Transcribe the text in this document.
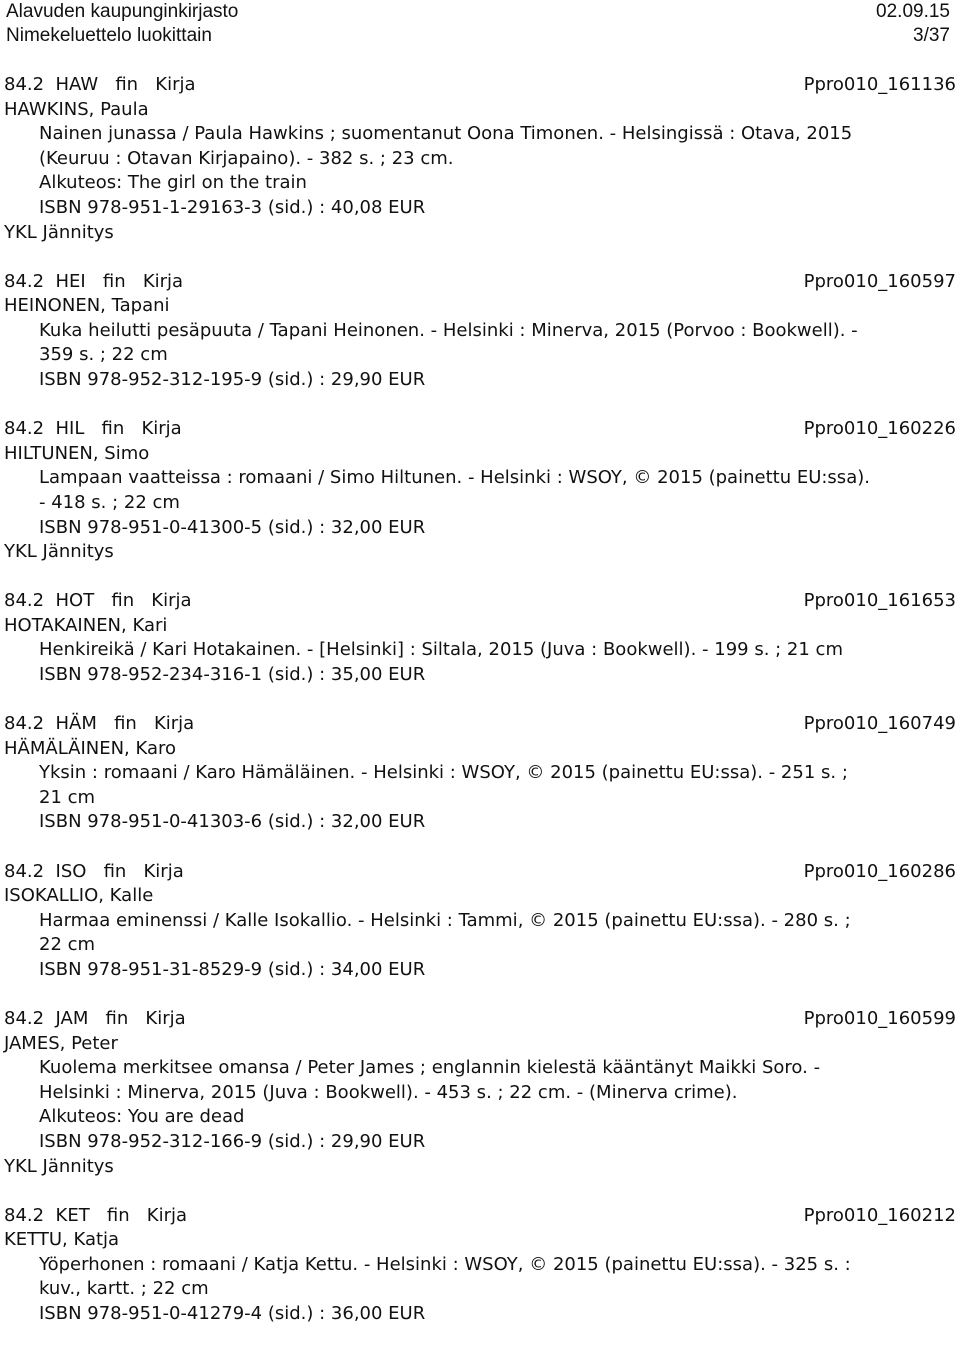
Alavuden kaupunginkirjasto	02.09.15
Nimekeluettelo luokittain	3/37
84.2  HAW   fin   Kirja	Ppro010_161136
HAWKINS, Paula
Nainen junassa / Paula Hawkins ; suomentanut Oona Timonen. - Helsingissä : Otava, 2015
(Keuruu : Otavan Kirjapaino). - 382 s. ; 23 cm.
Alkuteos: The girl on the train
ISBN 978-951-1-29163-3 (sid.) : 40,08 EUR
YKL Jännitys
84.2  HEI   fin   Kirja	Ppro010_160597
HEINONEN, Tapani
Kuka heilutti pesäpuuta / Tapani Heinonen. - Helsinki : Minerva, 2015 (Porvoo : Bookwell). -
359 s. ; 22 cm
ISBN 978-952-312-195-9 (sid.) : 29,90 EUR
84.2  HIL   fin   Kirja	Ppro010_160226
HILTUNEN, Simo
Lampaan vaatteissa : romaani / Simo Hiltunen. - Helsinki : WSOY, © 2015 (painettu EU:ssa).
- 418 s. ; 22 cm
ISBN 978-951-0-41300-5 (sid.) : 32,00 EUR
YKL Jännitys
84.2  HOT   fin   Kirja	Ppro010_161653
HOTAKAINEN, Kari
Henkireikä / Kari Hotakainen. - [Helsinki] : Siltala, 2015 (Juva : Bookwell). - 199 s. ; 21 cm
ISBN 978-952-234-316-1 (sid.) : 35,00 EUR
84.2  HÄM   fin   Kirja	Ppro010_160749
HÄMÄLÄINEN, Karo
Yksin : romaani / Karo Hämäläinen. - Helsinki : WSOY, © 2015 (painettu EU:ssa). - 251 s. ;
21 cm
ISBN 978-951-0-41303-6 (sid.) : 32,00 EUR
84.2  ISO   fin   Kirja	Ppro010_160286
ISOKALLIO, Kalle
Harmaa eminenssi / Kalle Isokallio. - Helsinki : Tammi, © 2015 (painettu EU:ssa). - 280 s. ;
22 cm
ISBN 978-951-31-8529-9 (sid.) : 34,00 EUR
84.2  JAM   fin   Kirja	Ppro010_160599
JAMES, Peter
Kuolema merkitsee omansa / Peter James ; englannin kielestä kääntänyt Maikki Soro. -
Helsinki : Minerva, 2015 (Juva : Bookwell). - 453 s. ; 22 cm. - (Minerva crime).
Alkuteos: You are dead
ISBN 978-952-312-166-9 (sid.) : 29,90 EUR
YKL Jännitys
84.2  KET   fin   Kirja	Ppro010_160212
KETTU, Katja
Yöperhonen : romaani / Katja Kettu. - Helsinki : WSOY, © 2015 (painettu EU:ssa). - 325 s. :
kuv., kartt. ; 22 cm
ISBN 978-951-0-41279-4 (sid.) : 36,00 EUR
